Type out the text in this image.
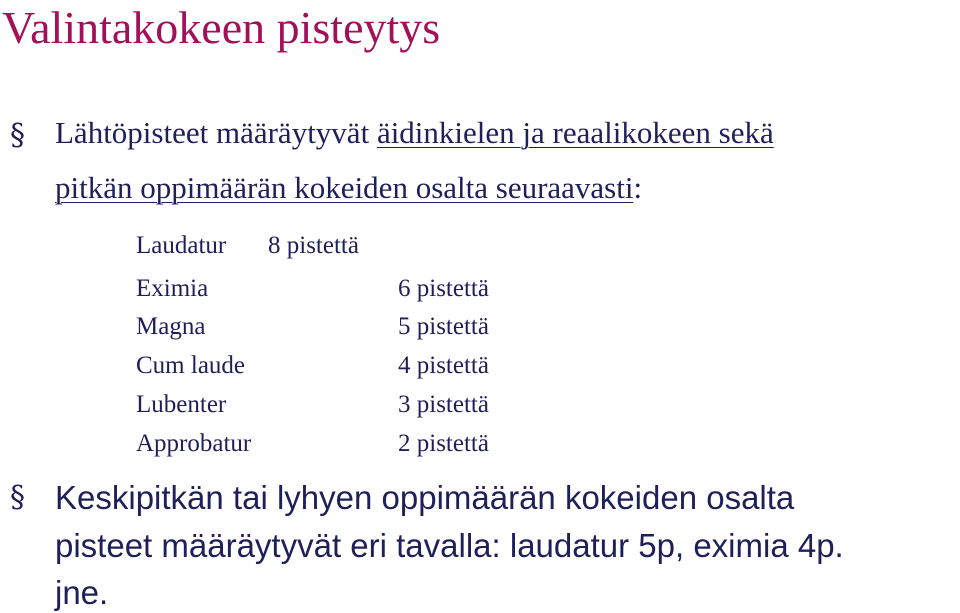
Valintakokeen pisteytys
§ Lähtöpisteet määräytyvät äidinkielen ja reaalikokeen sekä
pitkän oppimäärän kokeiden osalta seuraavasti:
Laudatur 8 pistettä
Eximia	6 pistettä
Magna	5 pistettä
Cum laude	4 pistettä
Lubenter	3 pistettä
Approbatur	2 pistettä
§ Keskipitkän tai lyhyen oppimäärän kokeiden osalta
pisteet määräytyvät eri tavalla: laudatur 5p, eximia 4p.
jne.
